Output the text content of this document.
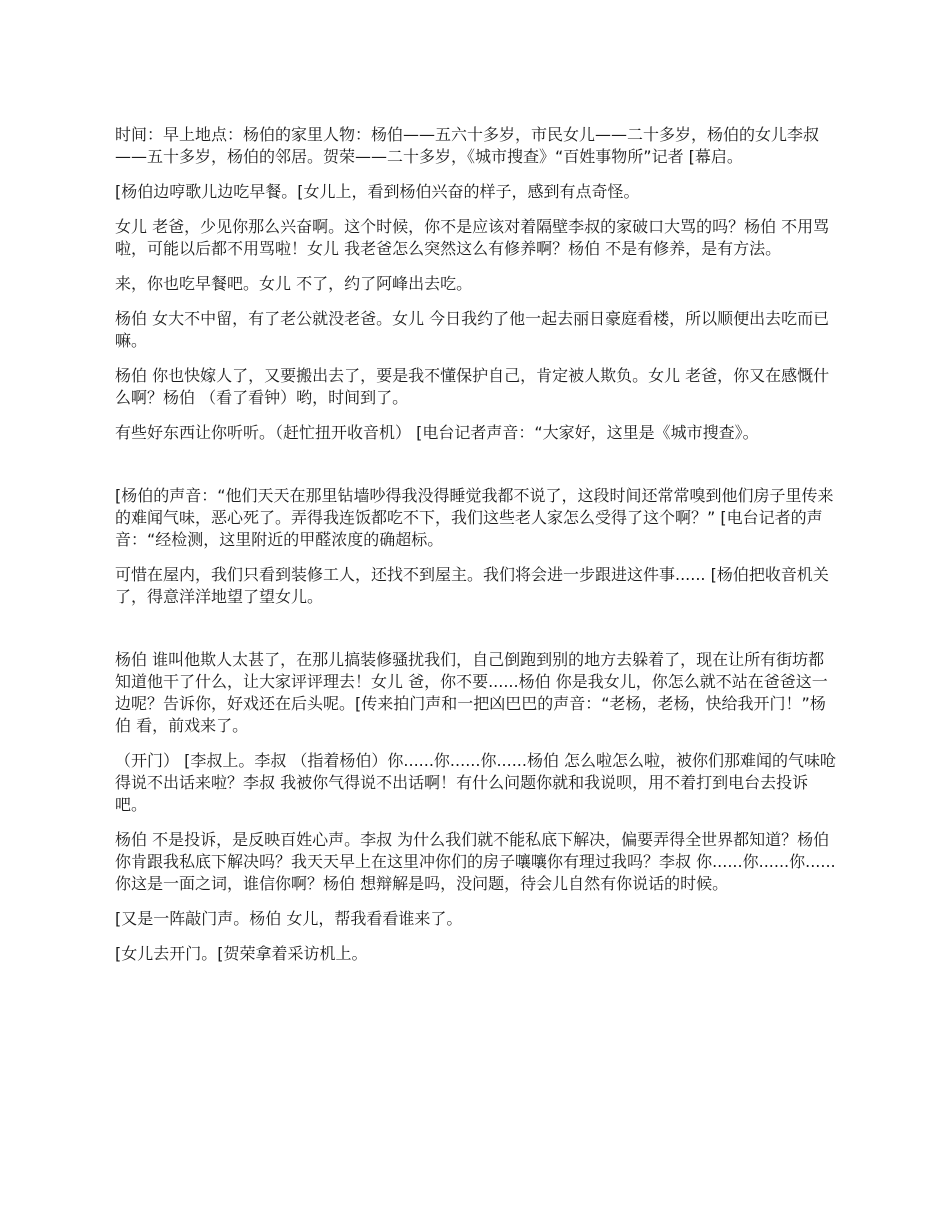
时间：早上地点：杨伯的家里人物：杨伯——五六十多岁，市民女儿——二十多岁，杨伯的女儿李叔——五十多岁，杨伯的邻居。贺荣——二十多岁，《城市搜查》“百姓事物所”记者 [幕启。

[杨伯边哼歌儿边吃早餐。[女儿上，看到杨伯兴奋的样子，感到有点奇怪。

女儿 老爸，少见你那么兴奋啊。这个时候，你不是应该对着隔壁李叔的家破口大骂的吗？杨伯 不用骂啦，可能以后都不用骂啦！女儿 我老爸怎么突然这么有修养啊？杨伯 不是有修养，是有方法。

来，你也吃早餐吧。女儿 不了，约了阿峰出去吃。

杨伯 女大不中留，有了老公就没老爸。女儿 今日我约了他一起去丽日豪庭看楼，所以顺便出去吃而已嘛。

杨伯 你也快嫁人了，又要搬出去了，要是我不懂保护自己，肯定被人欺负。女儿 老爸，你又在感慨什么啊？杨伯 （看了看钟）哟，时间到了。

有些好东西让你听听。（赶忙扭开收音机） [电台记者声音：“大家好，这里是《城市搜查》。

[杨伯的声音：“他们天天在那里钻墙吵得我没得睡觉我都不说了，这段时间还常常嗅到他们房子里传来的难闻气味，恶心死了。弄得我连饭都吃不下，我们这些老人家怎么受得了这个啊？” [电台记者的声音：“经检测，这里附近的甲醛浓度的确超标。

可惜在屋内，我们只看到装修工人，还找不到屋主。我们将会进一步跟进这件事...... [杨伯把收音机关了，得意洋洋地望了望女儿。

杨伯 谁叫他欺人太甚了，在那儿搞装修骚扰我们，自己倒跑到别的地方去躲着了，现在让所有街坊都知道他干了什么，让大家评评理去！女儿 爸，你不要......杨伯 你是我女儿，你怎么就不站在爸爸这一边呢？告诉你，好戏还在后头呢。[传来拍门声和一把凶巴巴的声音：“老杨，老杨，快给我开门！”杨伯 看，前戏来了。

（开门） [李叔上。李叔 （指着杨伯）你......你......你......杨伯 怎么啦怎么啦，被你们那难闻的气味呛得说不出话来啦？李叔 我被你气得说不出话啊！有什么问题你就和我说呗，用不着打到电台去投诉吧。

杨伯 不是投诉，是反映百姓心声。李叔 为什么我们就不能私底下解决，偏要弄得全世界都知道？杨伯 你肯跟我私底下解决吗？我天天早上在这里冲你们的房子嚷嚷你有理过我吗？李叔 你......你......你......你这是一面之词，谁信你啊？杨伯 想辩解是吗，没问题，待会儿自然有你说话的时候。

[又是一阵敲门声。杨伯 女儿，帮我看看谁来了。

[女儿去开门。[贺荣拿着采访机上。
